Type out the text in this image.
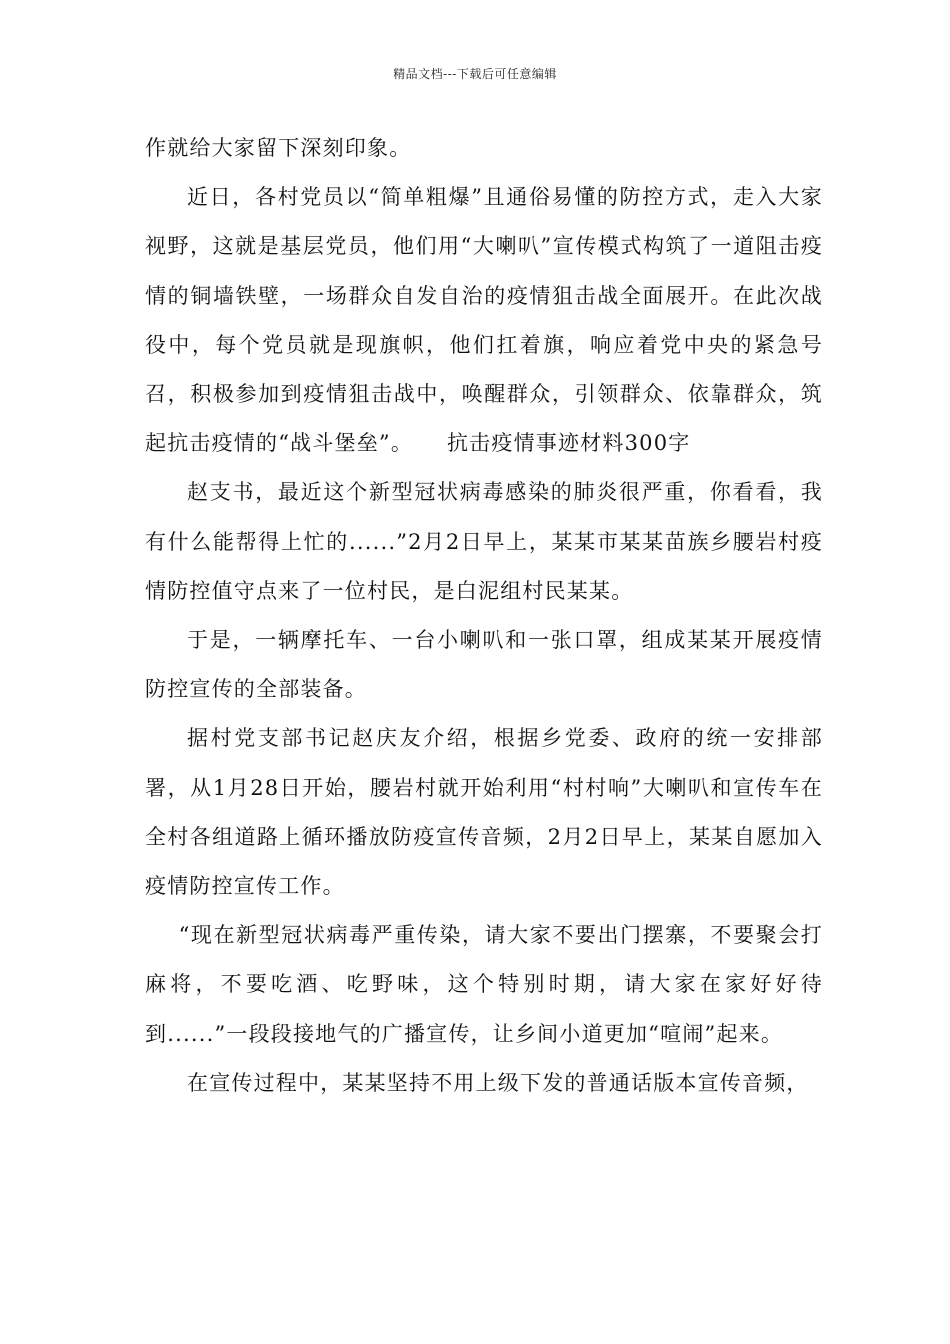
精品文档---下载后可任意编辑

作就给大家留下深刻印象。

近日，各村党员以“简单粗爆”且通俗易懂的防控方式，走入大家视野，这就是基层党员，他们用“大喇叭”宣传模式构筑了一道阻击疫情的铜墙铁壁，一场群众自发自治的疫情狙击战全面展开。在此次战役中，每个党员就是现旗帜，他们扛着旗，响应着党中央的紧急号召，积极参加到疫情狙击战中，唤醒群众，引领群众、依靠群众，筑起抗击疫情的“战斗堡垒”。　　抗击疫情事迹材料300字

赵支书，最近这个新型冠状病毒感染的肺炎很严重，你看看，我有什么能帮得上忙的......”2月2日早上，某某市某某苗族乡腰岩村疫情防控值守点来了一位村民，是白泥组村民某某。

于是，一辆摩托车、一台小喇叭和一张口罩，组成某某开展疫情防控宣传的全部装备。

据村党支部书记赵庆友介绍，根据乡党委、政府的统一安排部署，从1月28日开始，腰岩村就开始利用“村村响”大喇叭和宣传车在全村各组道路上循环播放防疫宣传音频，2月2日早上，某某自愿加入疫情防控宣传工作。

“现在新型冠状病毒严重传染，请大家不要出门摆寨，不要聚会打麻将，不要吃酒、吃野味，这个特别时期，请大家在家好好待到......”一段段接地气的广播宣传，让乡间小道更加“喧闹”起来。

在宣传过程中，某某坚持不用上级下发的普通话版本宣传音频，
